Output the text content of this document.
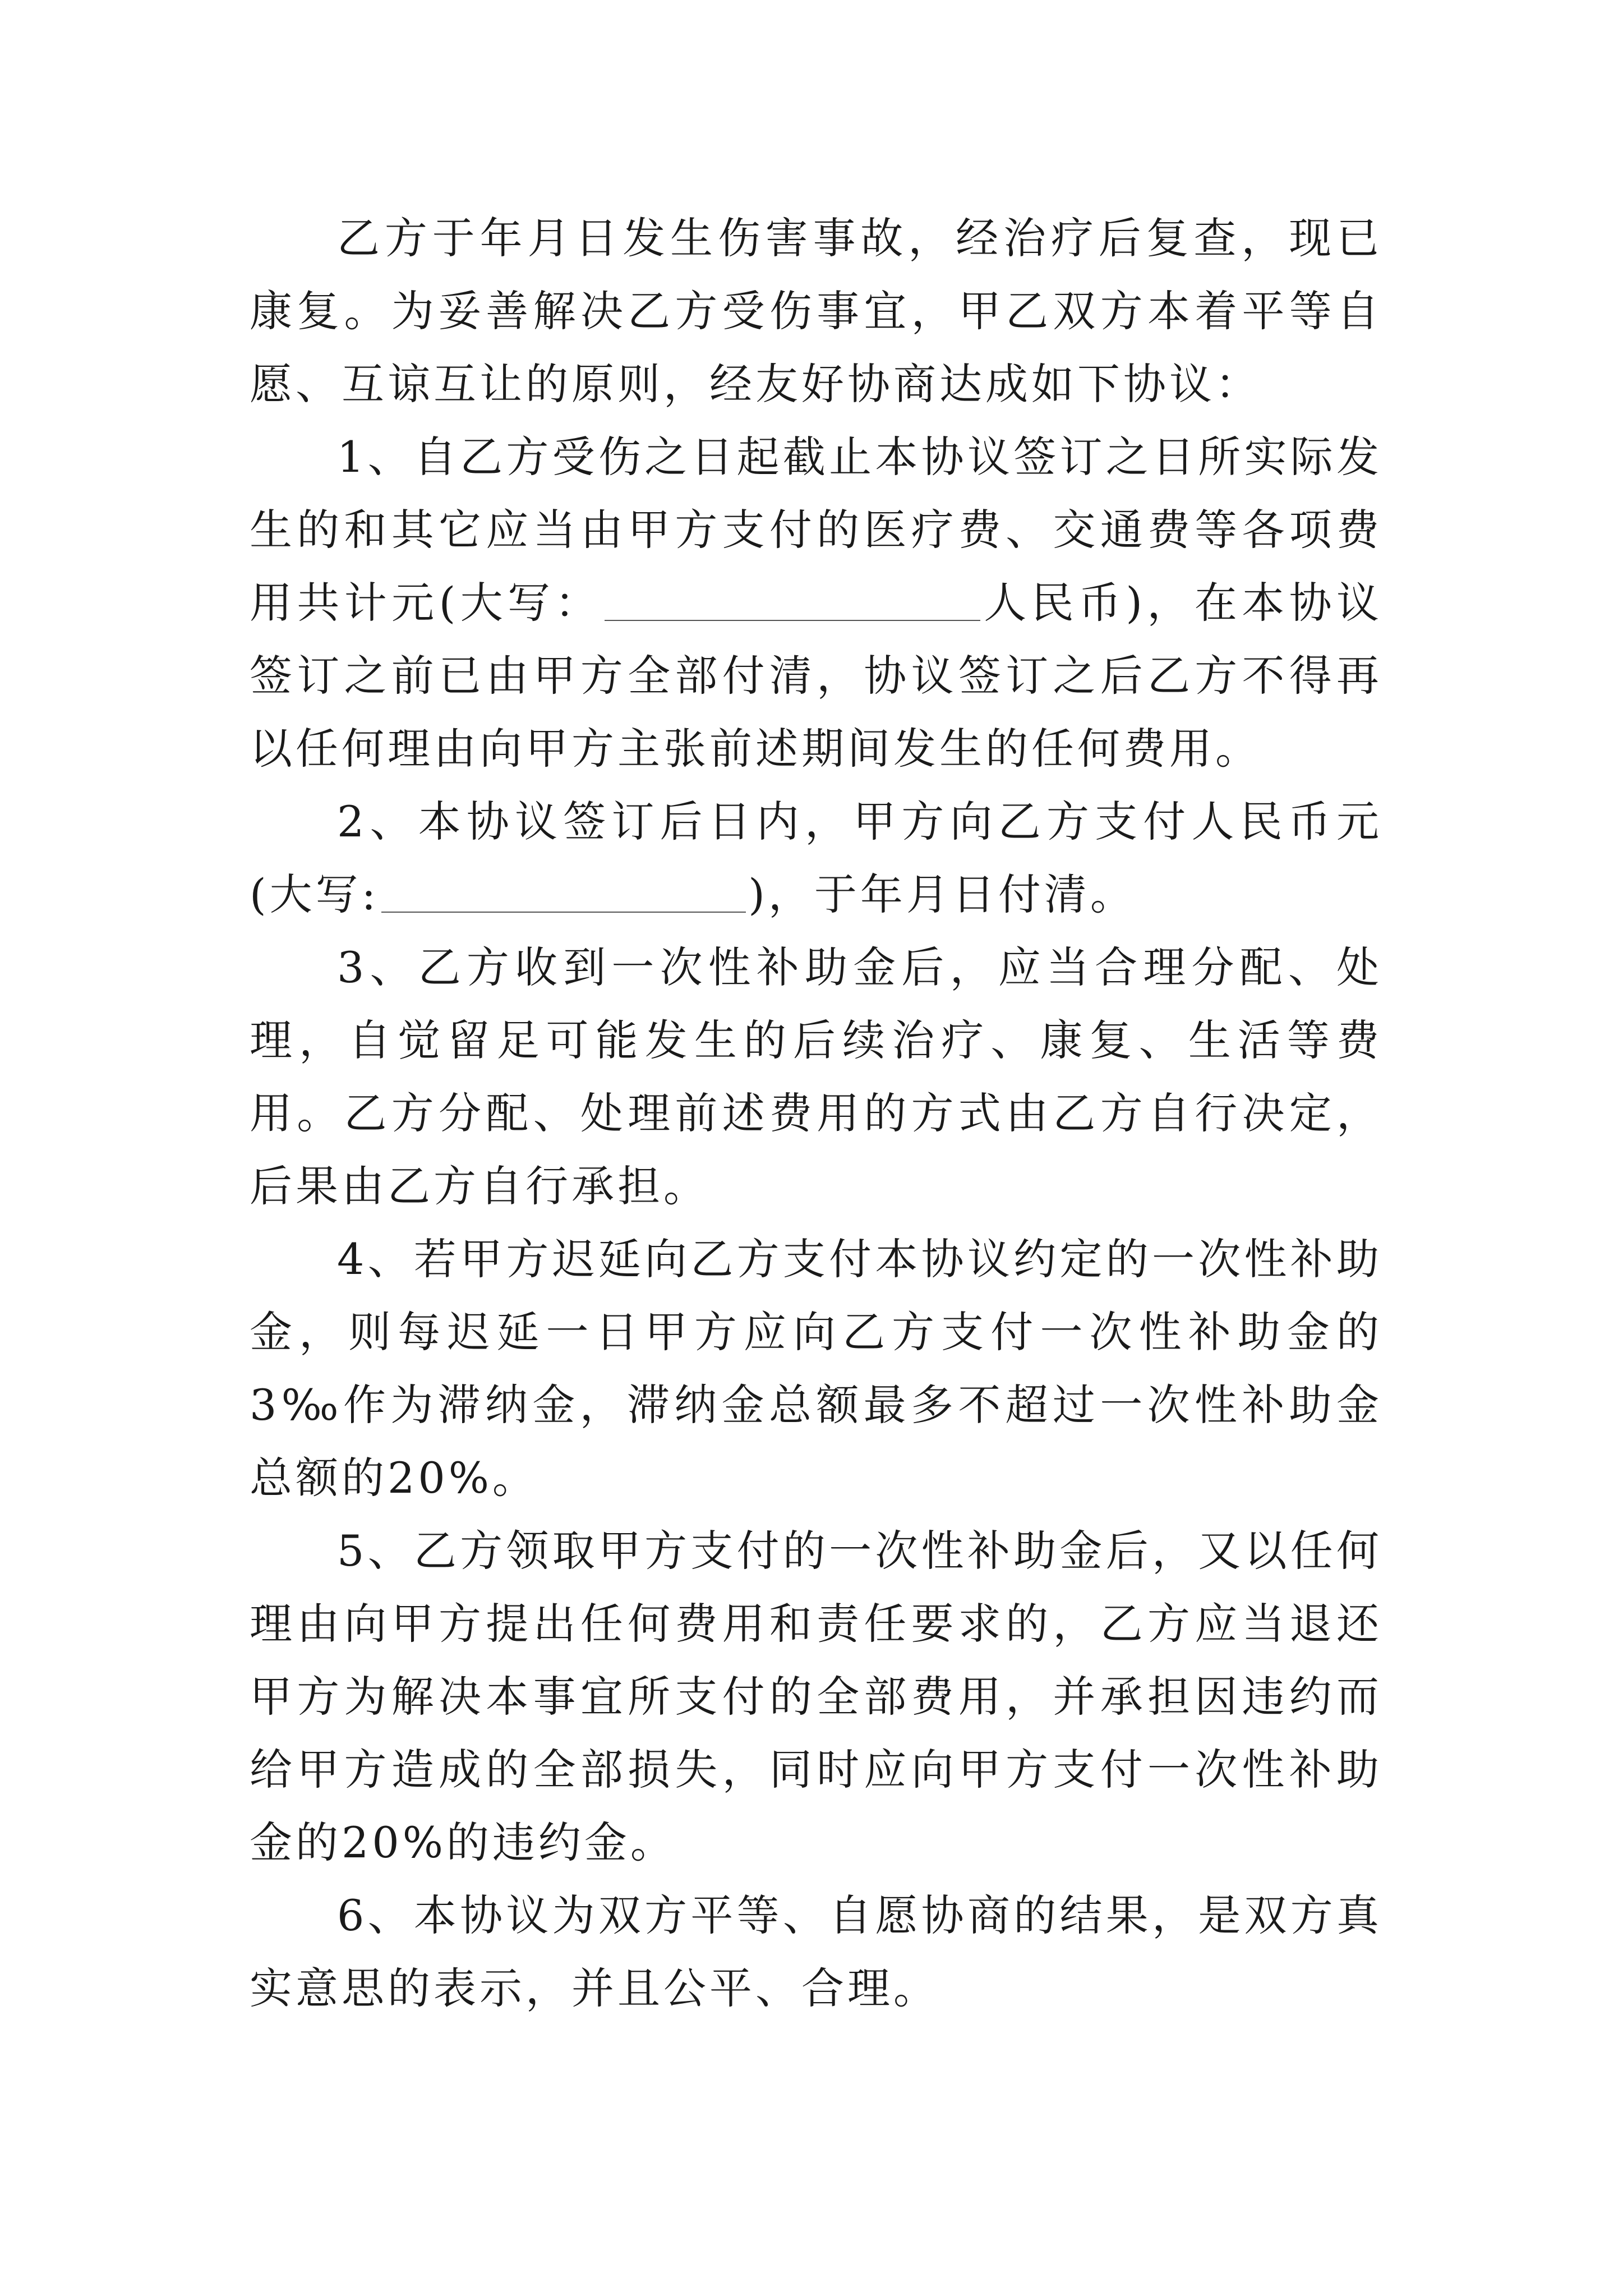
乙方于年月日发生伤害事故，经治疗后复查，现已康复。为妥善解决乙方受伤事宜，甲乙双方本着平等自愿、互谅互让的原则，经友好协商达成如下协议：

1、自乙方受伤之日起截止本协议签订之日所实际发生的和其它应当由甲方支付的医疗费、交通费等各项费用共计元(大写：	人民币)，在本协议签订之前已由甲方全部付清，协议签订之后乙方不得再以任何理由向甲方主张前述期间发生的任何费用。

2、本协议签订后日内，甲方向乙方支付人民币元(大写:	)，于年月日付清。

3、乙方收到一次性补助金后，应当合理分配、处理，自觉留足可能发生的后续治疗、康复、生活等费用。乙方分配、处理前述费用的方式由乙方自行决定，后果由乙方自行承担。

4、若甲方迟延向乙方支付本协议约定的一次性补助金，则每迟延一日甲方应向乙方支付一次性补助金的3‰作为滞纳金，滞纳金总额最多不超过一次性补助金总额的20%。

5、乙方领取甲方支付的一次性补助金后，又以任何理由向甲方提出任何费用和责任要求的，乙方应当退还甲方为解决本事宜所支付的全部费用，并承担因违约而给甲方造成的全部损失，同时应向甲方支付一次性补助金的20%的违约金。

6、本协议为双方平等、自愿协商的结果，是双方真实意思的表示，并且公平、合理。
